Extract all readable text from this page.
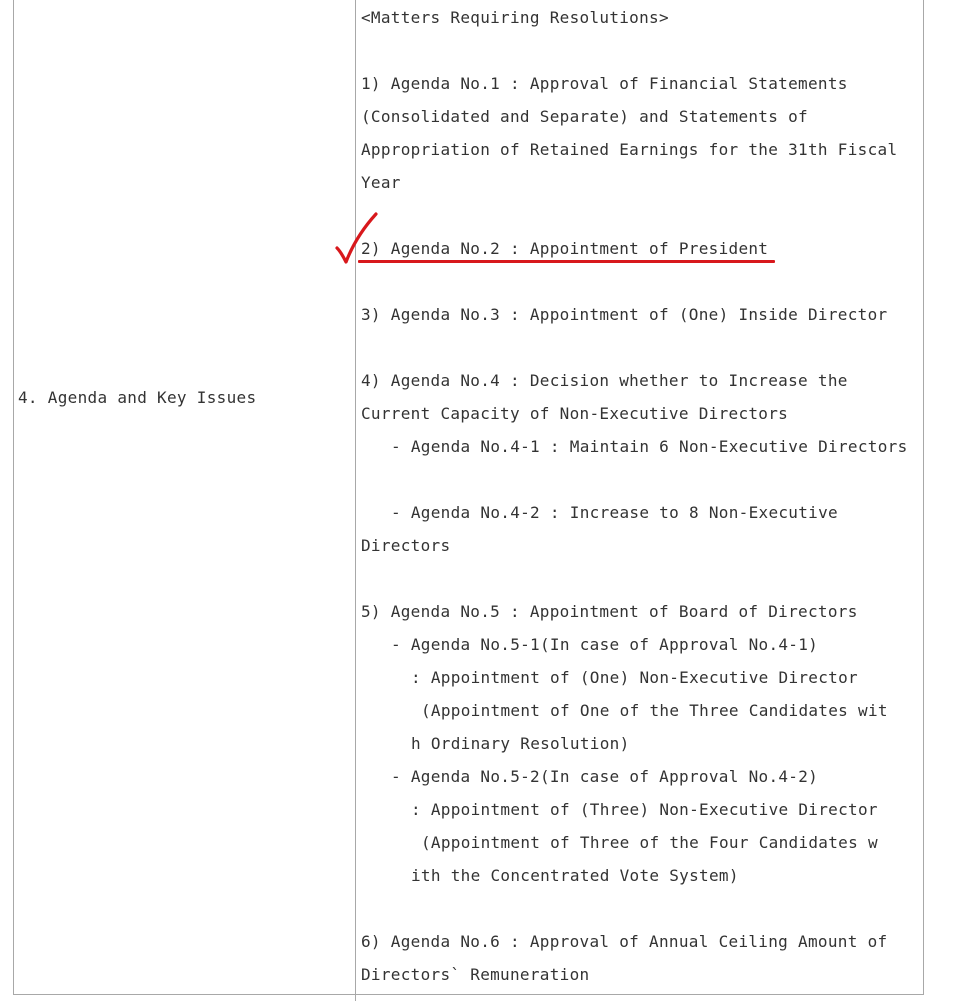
4. Agenda and Key Issues
<Matters Requiring Resolutions>
1) Agenda No.1 : Approval of Financial Statements
(Consolidated and Separate) and Statements of
Appropriation of Retained Earnings for the 31th Fiscal
Year
2) Agenda No.2 : Appointment of President
3) Agenda No.3 : Appointment of (One) Inside Director
4) Agenda No.4 : Decision whether to Increase the
Current Capacity of Non-Executive Directors
- Agenda No.4-1 : Maintain 6 Non-Executive Directors
- Agenda No.4-2 : Increase to 8 Non-Executive
Directors
5) Agenda No.5 : Appointment of Board of Directors
- Agenda No.5-1(In case of Approval No.4-1)
: Appointment of (One) Non-Executive Director
(Appointment of One of the Three Candidates wit
h Ordinary Resolution)
- Agenda No.5-2(In case of Approval No.4-2)
: Appointment of (Three) Non-Executive Director
(Appointment of Three of the Four Candidates w
ith the Concentrated Vote System)
6) Agenda No.6 : Approval of Annual Ceiling Amount of
Directors` Remuneration
